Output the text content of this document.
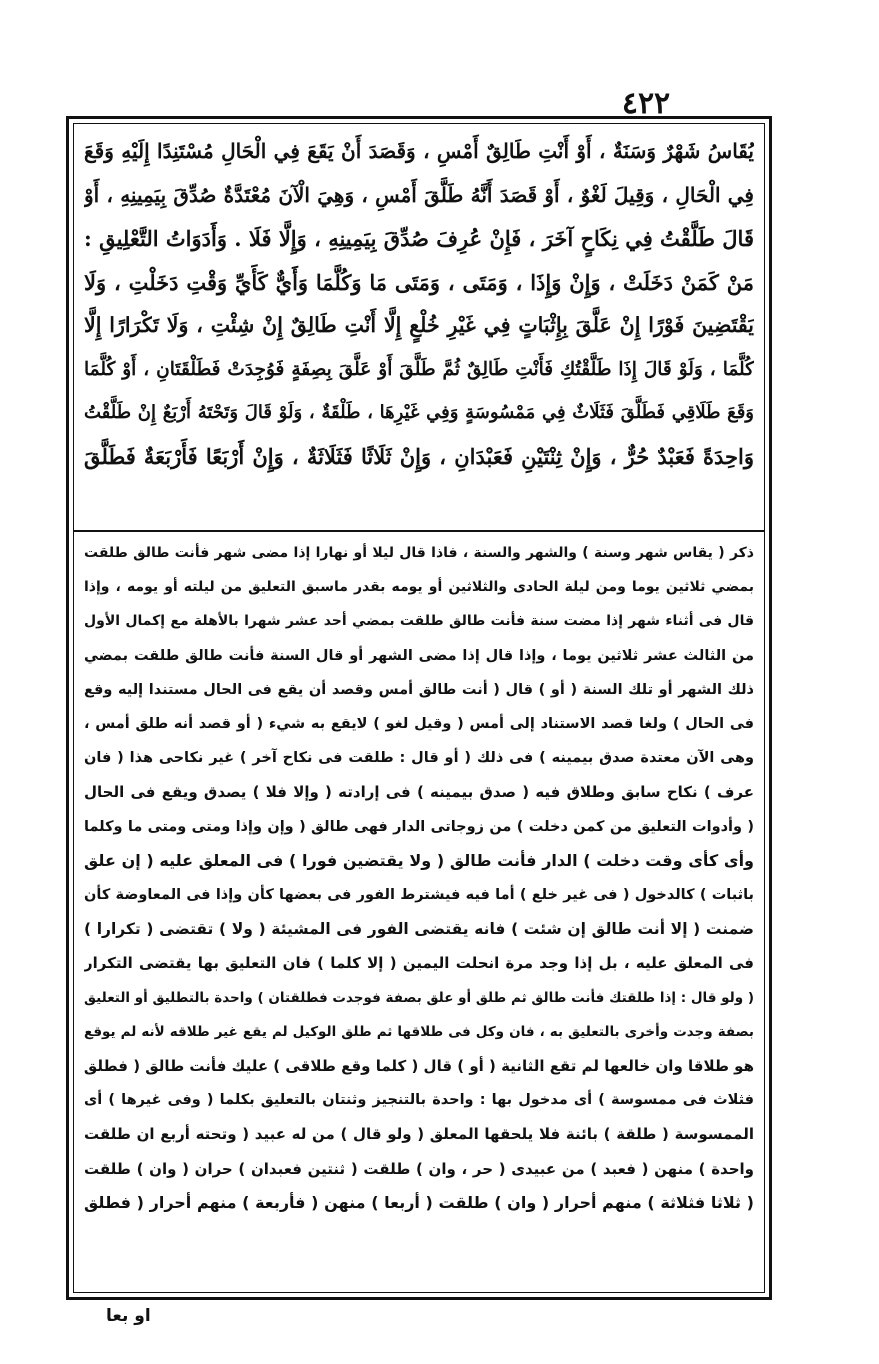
٤٢٢
يُقَاسُ شَهْرٌ وَسَنَةٌ ، أَوْ أَنْتِ طَالِقٌ أَمْسِ ، وَقَصَدَ أَنْ يَقَعَ فِي الْحَالِ مُسْتَنِدًا إِلَيْهِ وَقَعَ
فِي الْحَالِ ، وَقِيلَ لَغْوٌ ، أَوْ قَصَدَ أَنَّهُ طَلَّقَ أَمْسِ ، وَهِيَ الْآنَ مُعْتَدَّةٌ صُدِّقَ بِيَمِينِهِ ، أَوْ
قَالَ طَلَّقْتُ فِي نِكَاحٍ آخَرَ ، فَإِنْ عُرِفَ صُدِّقَ بِيَمِينِهِ ، وَإِلَّا فَلَا . وَأَدَوَاتُ التَّعْلِيقِ :
مَنْ كَمَنْ دَخَلَتْ ، وَإِنْ وَإِذَا ، وَمَتَى ، وَمَتَى مَا وَكُلَّمَا وَأَيٌّ كَأَيِّ وَقْتِ دَخَلْتِ ، وَلَا
يَقْتَضِينَ فَوْرًا إِنْ عَلَّقَ بِإِثْبَاتٍ فِي غَيْرِ خُلْعٍ إِلَّا أَنْتِ طَالِقٌ إِنْ شِئْتِ ، وَلَا تَكْرَارًا إِلَّا
كُلَّمَا ، وَلَوْ قَالَ إِذَا طَلَّقْتُكِ فَأَنْتِ طَالِقٌ ثُمَّ طَلَّقَ أَوْ عَلَّقَ بِصِفَةٍ فَوُجِدَتْ فَطَلْقَتَانِ ، أَوْ كُلَّمَا
وَقَعَ طَلَاقِي فَطَلَّقَ فَثَلَاثٌ فِي مَمْسُوسَةٍ وَفِي غَيْرِهَا ، طَلْقَةٌ ، وَلَوْ قَالَ وَتَحْتَهُ أَرْبَعٌ إِنْ طَلَّقْتُ
وَاحِدَةً فَعَبْدٌ حُرٌّ ، وَإِنْ ثِنْتَيْنِ فَعَبْدَانِ ، وَإِنْ ثَلَاثًا فَثَلَاثَةٌ ، وَإِنْ أَرْبَعًا فَأَرْبَعَةٌ فَطَلَّقَ
ذكر ( يقاس شهر وسنة ) والشهر والسنة ، فاذا قال ليلا أو نهارا إذا مضى شهر فأنت طالق طلقت
بمضي ثلاثين يوما ومن ليلة الحادى والثلاثين أو يومه بقدر ماسبق التعليق من ليلته أو يومه ، وإذا
قال فى أثناء شهر إذا مضت سنة فأنت طالق طلقت بمضي أحد عشر شهرا بالأهلة مع إكمال الأول
من الثالث عشر ثلاثين يوما ، وإذا قال إذا مضى الشهر أو قال السنة فأنت طالق طلقت بمضي
ذلك الشهر أو تلك السنة ( أو ) قال ( أنت طالق أمس وقصد أن يقع فى الحال مستندا إليه وقع
فى الحال ) ولغا قصد الاستناد إلى أمس ( وقيل لغو ) لايقع به شيء ( أو قصد أنه طلق أمس ،
وهى الآن معتدة صدق بيمينه ) فى ذلك ( أو قال : طلقت فى نكاح آخر ) غير نكاحى هذا ( فان
عرف ) نكاح سابق وطلاق فيه ( صدق بيمينه ) فى إرادته ( وإلا فلا ) يصدق ويقع فى الحال
( وأدوات التعليق من كمن دخلت ) من زوجاتى الدار فهى طالق ( وإن وإذا ومتى ومتى ما وكلما
وأى كأى وقت دخلت ) الدار فأنت طالق ( ولا يقتضين فورا ) فى المعلق عليه ( إن علق
باثبات ) كالدخول ( فى غير خلع ) أما فيه فيشترط الفور فى بعضها كأن وإذا فى المعاوضة كأن
ضمنت ( إلا أنت طالق إن شئت ) فانه يقتضى الفور فى المشيئة ( ولا ) تقتضى ( تكرارا )
فى المعلق عليه ، بل إذا وجد مرة انحلت اليمين ( إلا كلما ) فان التعليق بها يقتضى التكرار
( ولو قال : إذا طلقتك فأنت طالق ثم طلق أو علق بصفة فوجدت فطلقتان ) واحدة بالتطليق أو التعليق
بصفة وجدت وأخرى بالتعليق به ، فان وكل فى طلاقها ثم طلق الوكيل لم يقع غير طلاقه لأنه لم يوقع
هو طلاقا وان خالعها لم تقع الثانية ( أو ) قال ( كلما وقع طلاقى ) عليك فأنت طالق ( فطلق
فثلاث فى ممسوسة ) أى مدخول بها : واحدة بالتنجيز وثنتان بالتعليق بكلما ( وفى غيرها ) أى
الممسوسة ( طلقة ) بائنة فلا يلحقها المعلق ( ولو قال ) من له عبيد ( وتحته أربع ان طلقت
واحدة ) منهن ( فعبد ) من عبيدى ( حر ، وان ) طلقت ( ثنتين فعبدان ) حران ( وان ) طلقت
( ثلاثا فثلاثة ) منهم أحرار ( وان ) طلقت ( أربعا ) منهن ( فأربعة ) منهم أحرار ( فطلق
او بعا
